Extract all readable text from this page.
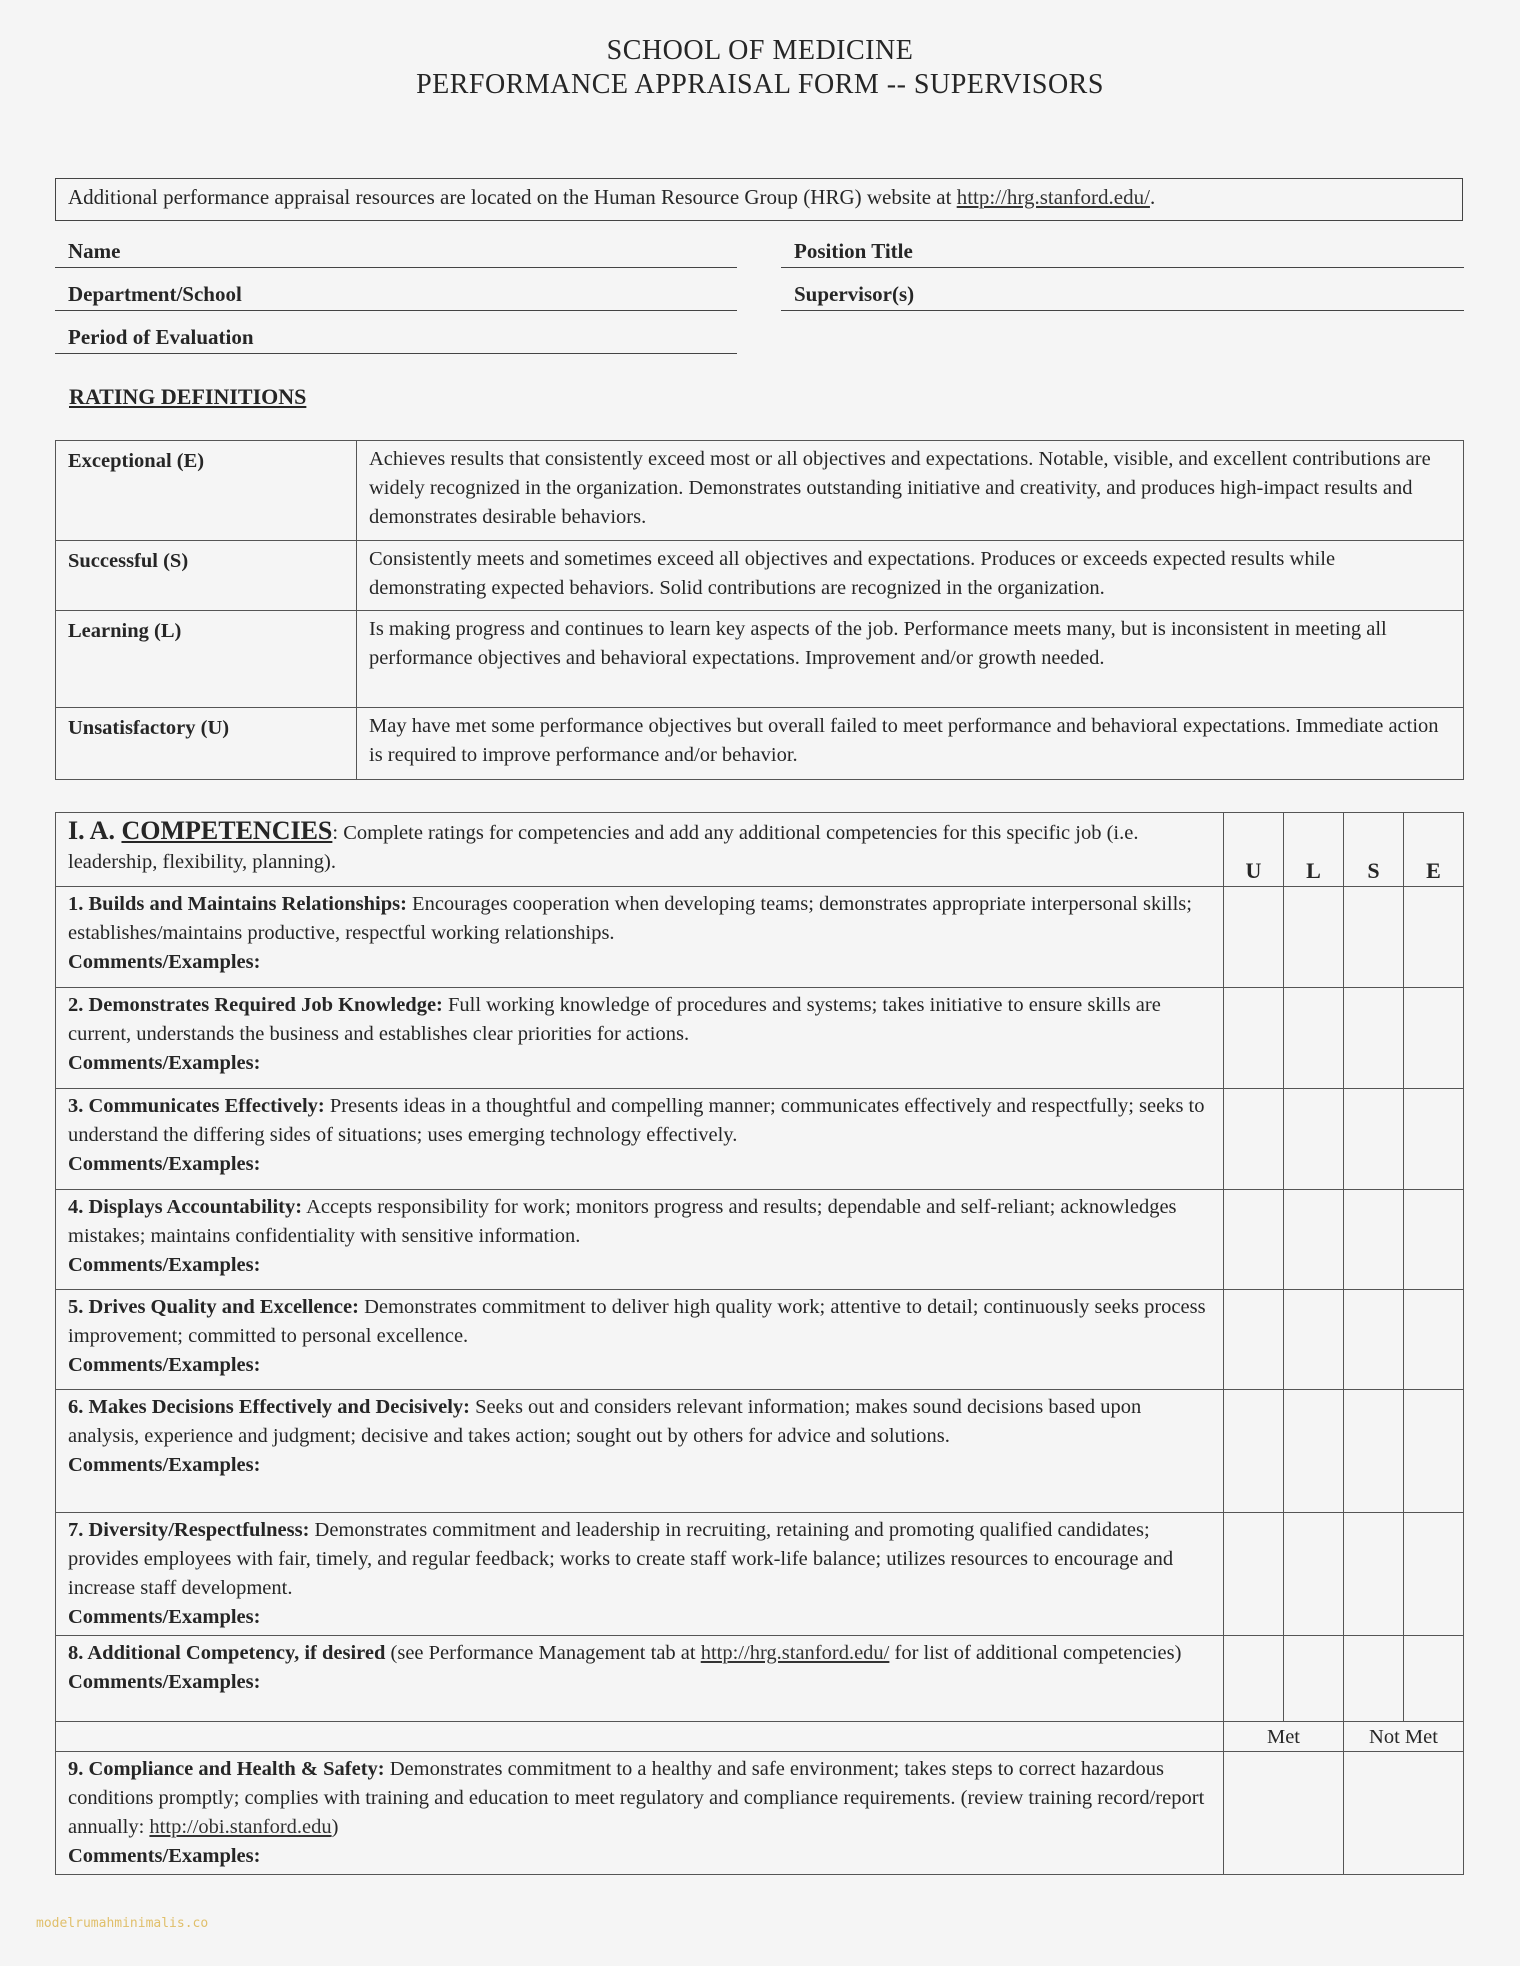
SCHOOL OF MEDICINE
PERFORMANCE APPRAISAL FORM -- SUPERVISORS
Additional performance appraisal resources are located on the Human Resource Group (HRG) website at http://hrg.stanford.edu/.
Name	Position Title
Department/School	Supervisor(s)
Period of Evaluation
RATING DEFINITIONS
Exceptional (E)	Achieves results that consistently exceed most or all objectives and expectations. Notable, visible, and excellent contributions are widely recognized in the organization. Demonstrates outstanding initiative and creativity, and produces high-impact results and demonstrates desirable behaviors.
Successful (S)	Consistently meets and sometimes exceed all objectives and expectations. Produces or exceeds expected results while demonstrating expected behaviors. Solid contributions are recognized in the organization.
Learning (L)	Is making progress and continues to learn key aspects of the job. Performance meets many, but is inconsistent in meeting all performance objectives and behavioral expectations. Improvement and/or growth needed.
Unsatisfactory (U)	May have met some performance objectives but overall failed to meet performance and behavioral expectations. Immediate action is required to improve performance and/or behavior.
I. A. COMPETENCIES: Complete ratings for competencies and add any additional competencies for this specific job (i.e. leadership, flexibility, planning).	U	L	S	E
1. Builds and Maintains Relationships: Encourages cooperation when developing teams; demonstrates appropriate interpersonal skills; establishes/maintains productive, respectful working relationships.
Comments/Examples:				
2. Demonstrates Required Job Knowledge: Full working knowledge of procedures and systems; takes initiative to ensure skills are current, understands the business and establishes clear priorities for actions.
Comments/Examples:				
3. Communicates Effectively: Presents ideas in a thoughtful and compelling manner; communicates effectively and respectfully; seeks to understand the differing sides of situations; uses emerging technology effectively.
Comments/Examples:				
4. Displays Accountability: Accepts responsibility for work; monitors progress and results; dependable and self-reliant; acknowledges mistakes; maintains confidentiality with sensitive information.
Comments/Examples:				
5. Drives Quality and Excellence: Demonstrates commitment to deliver high quality work; attentive to detail; continuously seeks process improvement; committed to personal excellence.
Comments/Examples:				
6. Makes Decisions Effectively and Decisively: Seeks out and considers relevant information; makes sound decisions based upon analysis, experience and judgment; decisive and takes action; sought out by others for advice and solutions.
Comments/Examples:				
7. Diversity/Respectfulness: Demonstrates commitment and leadership in recruiting, retaining and promoting qualified candidates; provides employees with fair, timely, and regular feedback; works to create staff work-life balance; utilizes resources to encourage and increase staff development.
Comments/Examples:				
8. Additional Competency, if desired (see Performance Management tab at http://hrg.stanford.edu/ for list of additional competencies)
Comments/Examples:				
	Met		Not Met	
9. Compliance and Health & Safety: Demonstrates commitment to a healthy and safe environment; takes steps to correct hazardous conditions promptly; complies with training and education to meet regulatory and compliance requirements. (review training record/report annually: http://obi.stanford.edu)
Comments/Examples:				
modelrumahminimalis.co
